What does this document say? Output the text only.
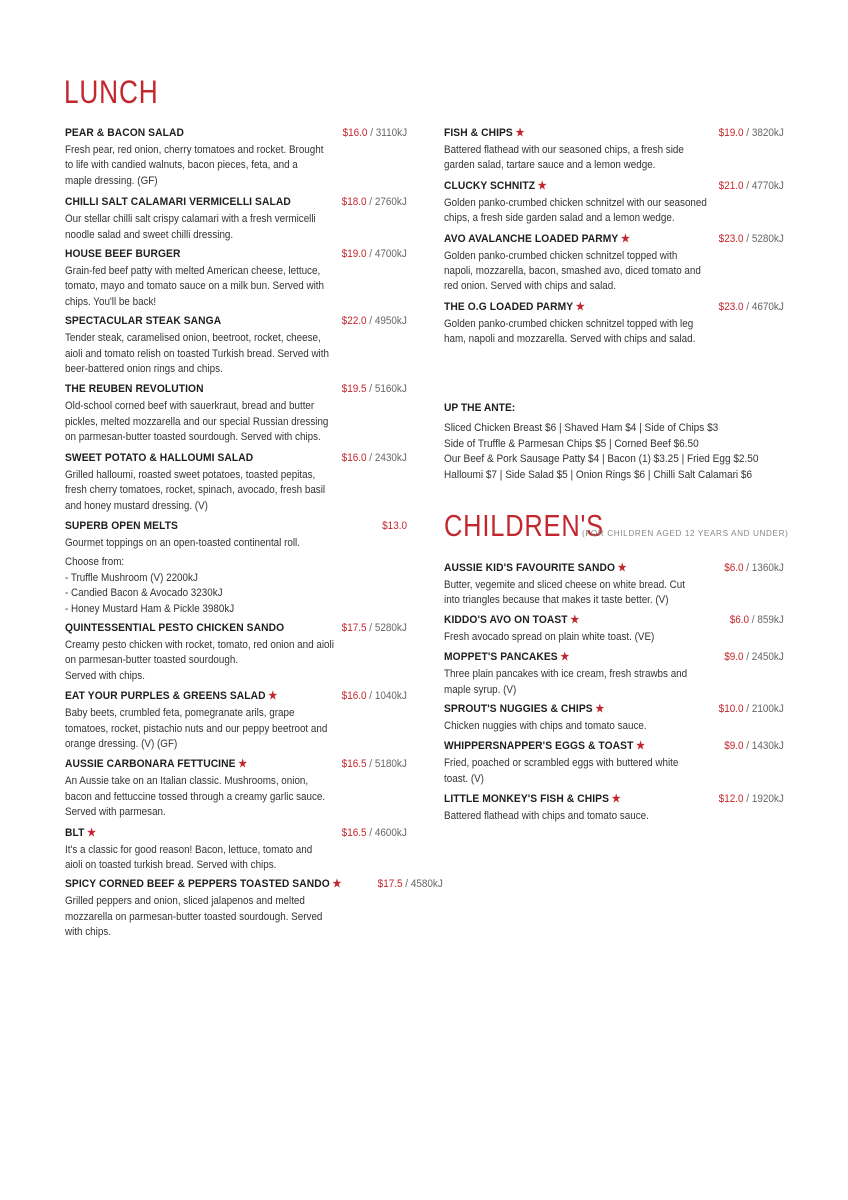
LUNCH
PEAR & BACON SALAD	$16.0 / 3110kJ
Fresh pear, red onion, cherry tomatoes and rocket. Brought
to life with candied walnuts, bacon pieces, feta, and a
maple dressing. (GF)
CHILLI SALT CALAMARI VERMICELLI SALAD	$18.0 / 2760kJ
Our stellar chilli salt crispy calamari with a fresh vermicelli
noodle salad and sweet chilli dressing.
HOUSE BEEF BURGER	$19.0 / 4700kJ
Grain-fed beef patty with melted American cheese, lettuce,
tomato, mayo and tomato sauce on a milk bun. Served with
chips. You'll be back!
SPECTACULAR STEAK SANGA	$22.0 / 4950kJ
Tender steak, caramelised onion, beetroot, rocket, cheese,
aioli and tomato relish on toasted Turkish bread. Served with
beer-battered onion rings and chips.
THE REUBEN REVOLUTION	$19.5 / 5160kJ
Old-school corned beef with sauerkraut, bread and butter
pickles, melted mozzarella and our special Russian dressing
on parmesan-butter toasted sourdough. Served with chips.
SWEET POTATO & HALLOUMI SALAD	$16.0 / 2430kJ
Grilled halloumi, roasted sweet potatoes, toasted pepitas,
fresh cherry tomatoes, rocket, spinach, avocado, fresh basil
and honey mustard dressing. (V)
SUPERB OPEN MELTS	$13.0
Gourmet toppings on an open-toasted continental roll.
Choose from:
- Truffle Mushroom (V) 2200kJ
- Candied Bacon & Avocado 3230kJ
- Honey Mustard Ham & Pickle 3980kJ
QUINTESSENTIAL PESTO CHICKEN SANDO	$17.5 / 5280kJ
Creamy pesto chicken with rocket, tomato, red onion and aioli
on parmesan-butter toasted sourdough.
Served with chips.
EAT YOUR PURPLES & GREENS SALAD ★	$16.0 / 1040kJ
Baby beets, crumbled feta, pomegranate arils, grape
tomatoes, rocket, pistachio nuts and our peppy beetroot and
orange dressing. (V) (GF)
AUSSIE CARBONARA FETTUCINE ★	$16.5 / 5180kJ
An Aussie take on an Italian classic. Mushrooms, onion,
bacon and fettuccine tossed through a creamy garlic sauce.
Served with parmesan.
BLT ★	$16.5 / 4600kJ
It's a classic for good reason! Bacon, lettuce, tomato and
aioli on toasted turkish bread. Served with chips.
SPICY CORNED BEEF & PEPPERS TOASTED SANDO ★	$17.5 / 4580kJ
Grilled peppers and onion, sliced jalapenos and melted
mozzarella on parmesan-butter toasted sourdough. Served
with chips.
FISH & CHIPS ★	$19.0 / 3820kJ
Battered flathead with our seasoned chips, a fresh side
garden salad, tartare sauce and a lemon wedge.
CLUCKY SCHNITZ ★	$21.0 / 4770kJ
Golden panko-crumbed chicken schnitzel with our seasoned
chips, a fresh side garden salad and a lemon wedge.
AVO AVALANCHE LOADED PARMY ★	$23.0 / 5280kJ
Golden panko-crumbed chicken schnitzel topped with
napoli, mozzarella, bacon, smashed avo, diced tomato and
red onion. Served with chips and salad.
THE O.G LOADED PARMY ★	$23.0 / 4670kJ
Golden panko-crumbed chicken schnitzel topped with leg
ham, napoli and mozzarella. Served with chips and salad.
UP THE ANTE:
Sliced Chicken Breast $6 | Shaved Ham $4 | Side of Chips $3
Side of Truffle & Parmesan Chips $5 | Corned Beef $6.50
Our Beef & Pork Sausage Patty $4 | Bacon (1) $3.25 | Fried Egg $2.50
Halloumi $7 | Side Salad $5 | Onion Rings $6 | Chilli Salt Calamari $6
CHILDREN'S
(FOR CHILDREN AGED 12 YEARS AND UNDER)
AUSSIE KID'S FAVOURITE SANDO ★	$6.0 / 1360kJ
Butter, vegemite and sliced cheese on white bread. Cut
into triangles because that makes it taste better. (V)
KIDDO'S AVO ON TOAST ★	$6.0 / 859kJ
Fresh avocado spread on plain white toast. (VE)
MOPPET'S PANCAKES ★	$9.0 / 2450kJ
Three plain pancakes with ice cream, fresh strawbs and
maple syrup. (V)
SPROUT'S NUGGIES & CHIPS ★	$10.0 / 2100kJ
Chicken nuggies with chips and tomato sauce.
WHIPPERSNAPPER'S EGGS & TOAST ★	$9.0 / 1430kJ
Fried, poached or scrambled eggs with buttered white
toast. (V)
LITTLE MONKEY'S FISH & CHIPS ★	$12.0 / 1920kJ
Battered flathead with chips and tomato sauce.
